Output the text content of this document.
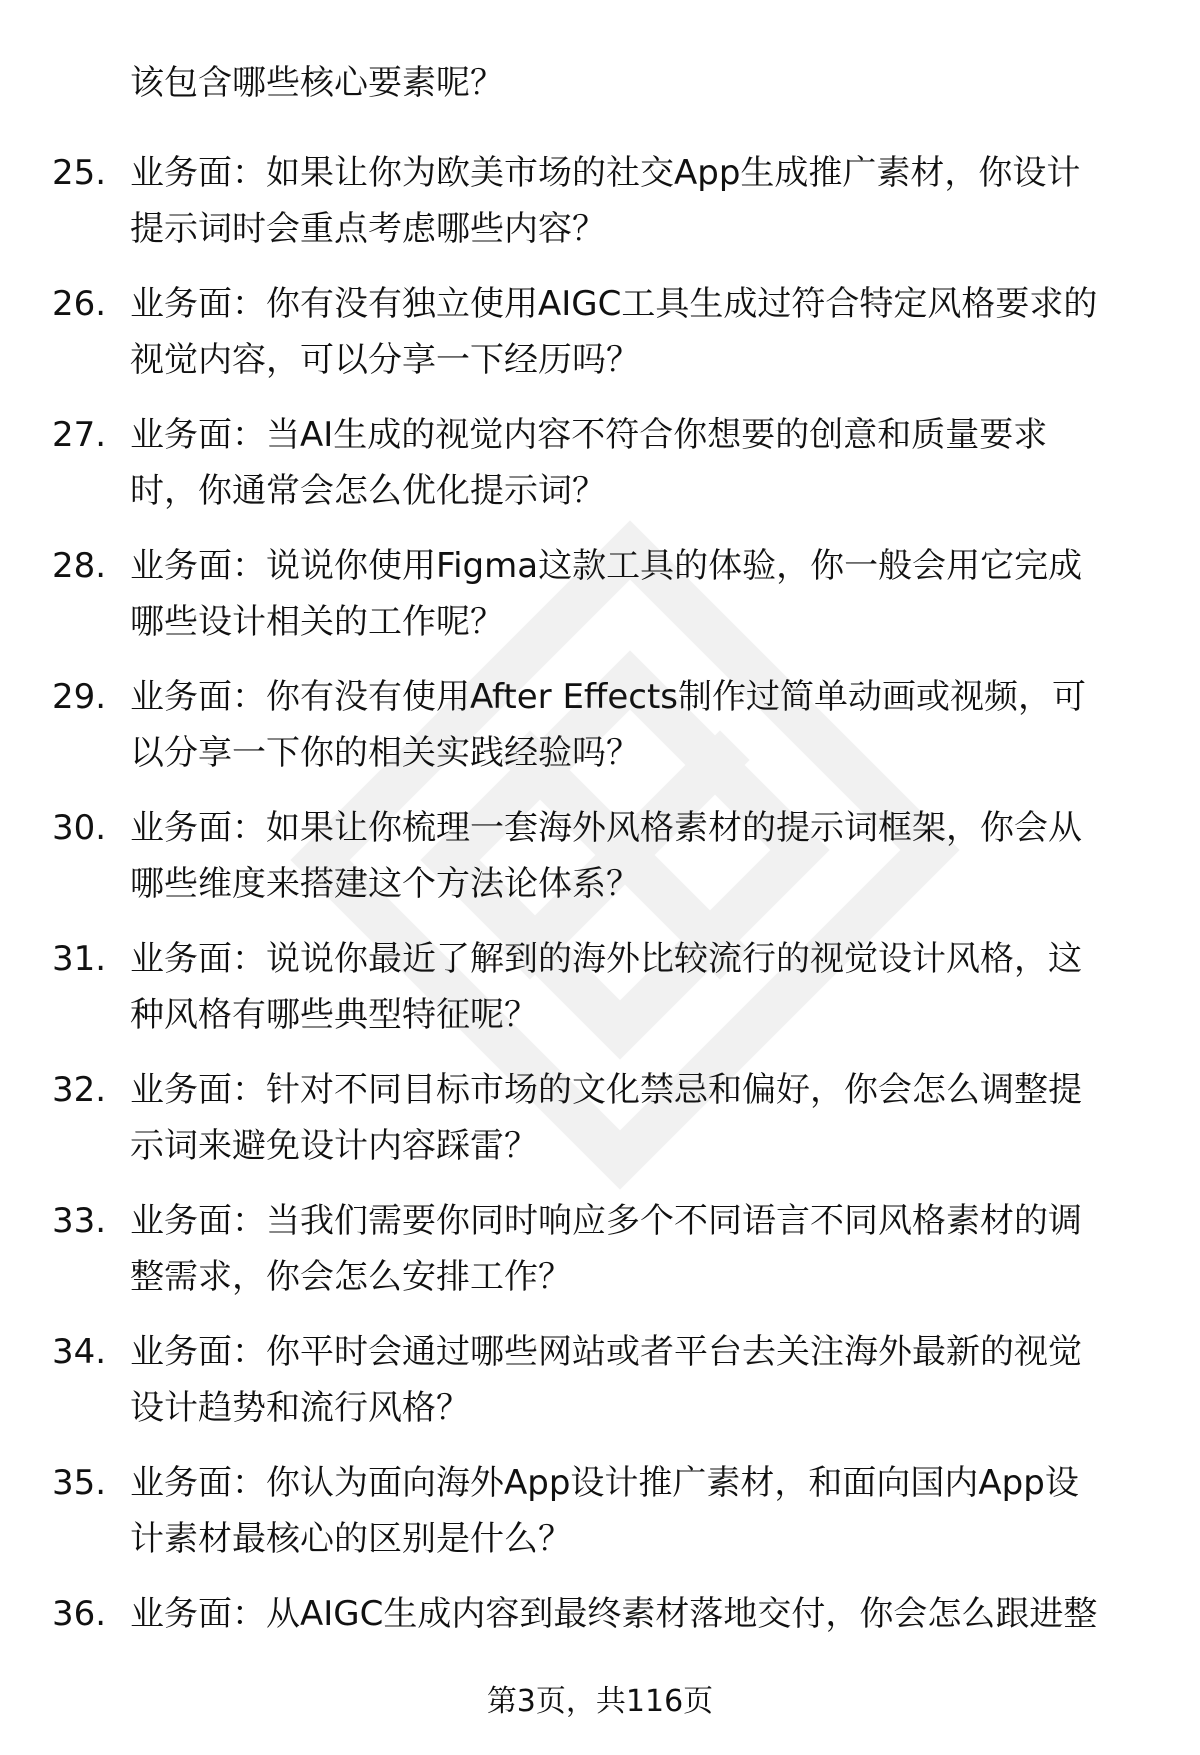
该包含哪些核心要素呢？
25. 业务面：如果让你为欧美市场的社交App生成推广素材，你设计
提示词时会重点考虑哪些内容？
26. 业务面：你有没有独立使用AIGC工具生成过符合特定风格要求的
视觉内容，可以分享一下经历吗？
27. 业务面：当AI生成的视觉内容不符合你想要的创意和质量要求
时，你通常会怎么优化提示词？
28. 业务面：说说你使用Figma这款工具的体验，你一般会用它完成
哪些设计相关的工作呢？
29. 业务面：你有没有使用After Effects制作过简单动画或视频，可
以分享一下你的相关实践经验吗？
30. 业务面：如果让你梳理一套海外风格素材的提示词框架，你会从
哪些维度来搭建这个方法论体系？
31. 业务面：说说你最近了解到的海外比较流行的视觉设计风格，这
种风格有哪些典型特征呢？
32. 业务面：针对不同目标市场的文化禁忌和偏好，你会怎么调整提
示词来避免设计内容踩雷？
33. 业务面：当我们需要你同时响应多个不同语言不同风格素材的调
整需求，你会怎么安排工作？
34. 业务面：你平时会通过哪些网站或者平台去关注海外最新的视觉
设计趋势和流行风格？
35. 业务面：你认为面向海外App设计推广素材，和面向国内App设
计素材最核心的区别是什么？
36. 业务面：从AIGC生成内容到最终素材落地交付，你会怎么跟进整
第3页，共116页
